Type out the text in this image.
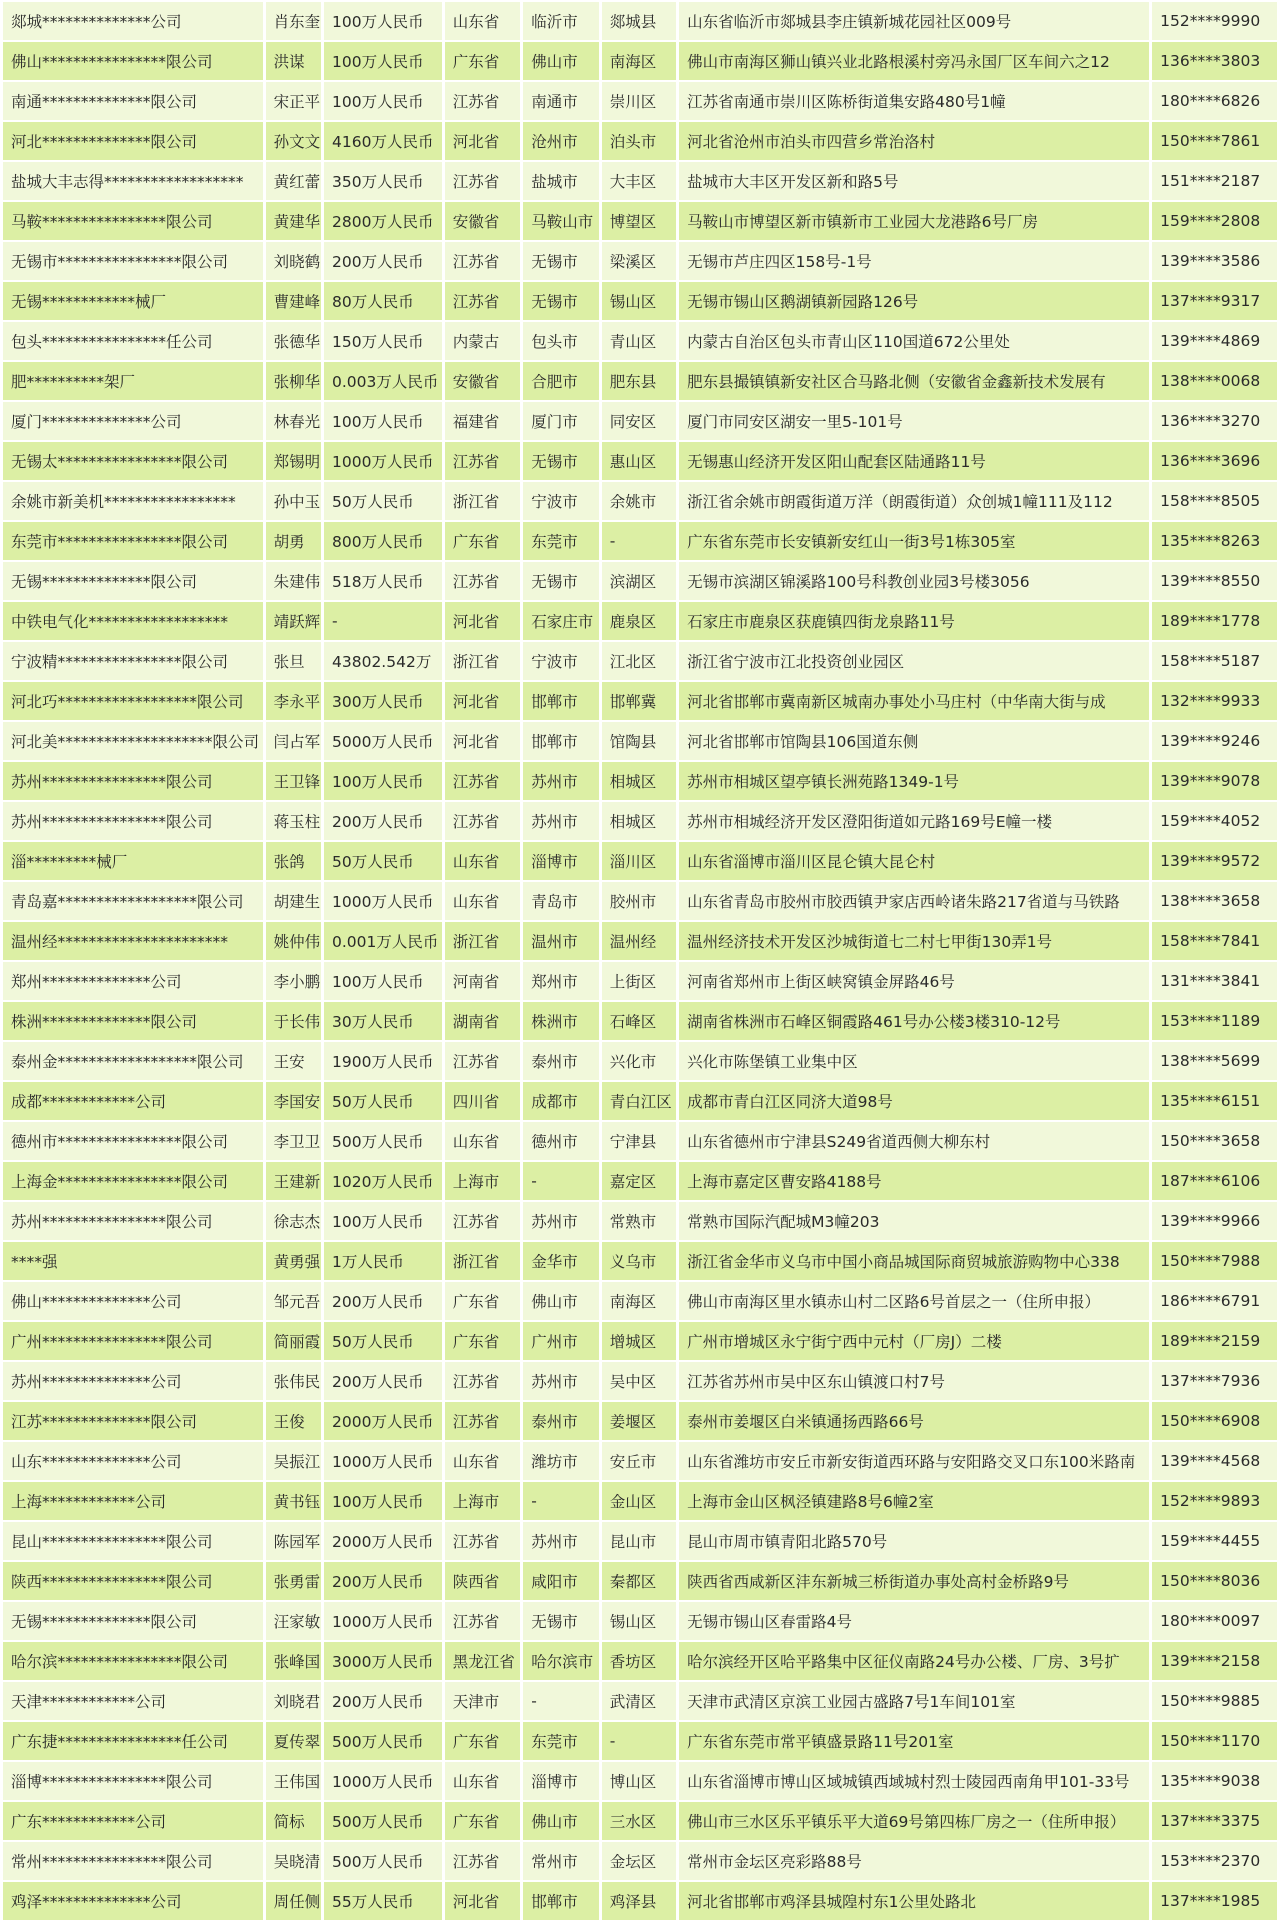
郯城**************公司	肖东奎	100万人民币	山东省	临沂市	郯城县	山东省临沂市郯城县李庄镇新城花园社区009号	152****9990
佛山****************限公司	洪谋	100万人民币	广东省	佛山市	南海区	佛山市南海区狮山镇兴业北路根溪村旁冯永国厂区车间六之12	136****3803
南通**************限公司	宋正平	100万人民币	江苏省	南通市	崇川区	江苏省南通市崇川区陈桥街道集安路480号1幢	180****6826
河北**************限公司	孙文文	4160万人民币	河北省	沧州市	泊头市	河北省沧州市泊头市四营乡常治洛村	150****7861
盐城大丰志得******************	黄红蕾	350万人民币	江苏省	盐城市	大丰区	盐城市大丰区开发区新和路5号	151****2187
马鞍****************限公司	黄建华	2800万人民币	安徽省	马鞍山市	博望区	马鞍山市博望区新市镇新市工业园大龙港路6号厂房	159****2808
无锡市****************限公司	刘晓鹤	200万人民币	江苏省	无锡市	梁溪区	无锡市芦庄四区158号-1号	139****3586
无锡************械厂	曹建峰	80万人民币	江苏省	无锡市	锡山区	无锡市锡山区鹅湖镇新园路126号	137****9317
包头****************任公司	张德华	150万人民币	内蒙古	包头市	青山区	内蒙古自治区包头市青山区110国道672公里处	139****4869
肥**********架厂	张柳华	0.003万人民币	安徽省	合肥市	肥东县	肥东县撮镇镇新安社区合马路北侧（安徽省金鑫新技术发展有	138****0068
厦门**************公司	林春光	100万人民币	福建省	厦门市	同安区	厦门市同安区湖安一里5-101号	136****3270
无锡太****************限公司	郑锡明	1000万人民币	江苏省	无锡市	惠山区	无锡惠山经济开发区阳山配套区陆通路11号	136****3696
余姚市新美机*****************	孙中玉	50万人民币	浙江省	宁波市	余姚市	浙江省余姚市朗霞街道万洋（朗霞街道）众创城1幢111及112	158****8505
东莞市****************限公司	胡勇	800万人民币	广东省	东莞市	-	广东省东莞市长安镇新安红山一街3号1栋305室	135****8263
无锡**************限公司	朱建伟	518万人民币	江苏省	无锡市	滨湖区	无锡市滨湖区锦溪路100号科教创业园3号楼3056	139****8550
中铁电气化******************	靖跃辉	-	河北省	石家庄市	鹿泉区	石家庄市鹿泉区获鹿镇四街龙泉路11号	189****1778
宁波精****************限公司	张旦	43802.542万	浙江省	宁波市	江北区	浙江省宁波市江北投资创业园区	158****5187
河北巧******************限公司	李永平	300万人民币	河北省	邯郸市	邯郸冀	河北省邯郸市冀南新区城南办事处小马庄村（中华南大街与成	132****9933
河北美********************限公司	闫占军	5000万人民币	河北省	邯郸市	馆陶县	河北省邯郸市馆陶县106国道东侧	139****9246
苏州****************限公司	王卫锋	100万人民币	江苏省	苏州市	相城区	苏州市相城区望亭镇长洲苑路1349-1号	139****9078
苏州****************限公司	蒋玉柱	200万人民币	江苏省	苏州市	相城区	苏州市相城经济开发区澄阳街道如元路169号E幢一楼	159****4052
淄*********械厂	张鸽	50万人民币	山东省	淄博市	淄川区	山东省淄博市淄川区昆仑镇大昆仑村	139****9572
青岛嘉******************限公司	胡建生	1000万人民币	山东省	青岛市	胶州市	山东省青岛市胶州市胶西镇尹家店西岭诸朱路217省道与马铁路	138****3658
温州经**********************	姚仲伟	0.001万人民币	浙江省	温州市	温州经	温州经济技术开发区沙城街道七二村七甲街130弄1号	158****7841
郑州**************公司	李小鹏	100万人民币	河南省	郑州市	上街区	河南省郑州市上街区峡窝镇金屏路46号	131****3841
株洲**************限公司	于长伟	30万人民币	湖南省	株洲市	石峰区	湖南省株洲市石峰区铜霞路461号办公楼3楼310-12号	153****1189
泰州金******************限公司	王安	1900万人民币	江苏省	泰州市	兴化市	兴化市陈堡镇工业集中区	138****5699
成都************公司	李国安	50万人民币	四川省	成都市	青白江区	成都市青白江区同济大道98号	135****6151
德州市****************限公司	李卫卫	500万人民币	山东省	德州市	宁津县	山东省德州市宁津县S249省道西侧大柳东村	150****3658
上海金****************限公司	王建新	1020万人民币	上海市	-	嘉定区	上海市嘉定区曹安路4188号	187****6106
苏州****************限公司	徐志杰	100万人民币	江苏省	苏州市	常熟市	常熟市国际汽配城M3幢203	139****9966
****强	黄勇强	1万人民币	浙江省	金华市	义乌市	浙江省金华市义乌市中国小商品城国际商贸城旅游购物中心338	150****7988
佛山**************公司	邹元吾	200万人民币	广东省	佛山市	南海区	佛山市南海区里水镇赤山村二区路6号首层之一（住所申报）	186****6791
广州****************限公司	简丽霞	50万人民币	广东省	广州市	增城区	广州市增城区永宁街宁西中元村（厂房J）二楼	189****2159
苏州**************公司	张伟民	200万人民币	江苏省	苏州市	吴中区	江苏省苏州市吴中区东山镇渡口村7号	137****7936
江苏**************限公司	王俊	2000万人民币	江苏省	泰州市	姜堰区	泰州市姜堰区白米镇通扬西路66号	150****6908
山东**************公司	吴振江	1000万人民币	山东省	潍坊市	安丘市	山东省潍坊市安丘市新安街道西环路与安阳路交叉口东100米路南	139****4568
上海************公司	黄书钰	100万人民币	上海市	-	金山区	上海市金山区枫泾镇建路8号6幢2室	152****9893
昆山****************限公司	陈园军	2000万人民币	江苏省	苏州市	昆山市	昆山市周市镇青阳北路570号	159****4455
陕西****************限公司	张勇雷	200万人民币	陕西省	咸阳市	秦都区	陕西省西咸新区沣东新城三桥街道办事处高村金桥路9号	150****8036
无锡**************限公司	汪家敏	1000万人民币	江苏省	无锡市	锡山区	无锡市锡山区春雷路4号	180****0097
哈尔滨****************限公司	张峰国	3000万人民币	黑龙江省	哈尔滨市	香坊区	哈尔滨经开区哈平路集中区征仪南路24号办公楼、厂房、3号扩	139****2158
天津************公司	刘晓君	200万人民币	天津市	-	武清区	天津市武清区京滨工业园古盛路7号1车间101室	150****9885
广东捷****************任公司	夏传翠	500万人民币	广东省	东莞市	-	广东省东莞市常平镇盛景路11号201室	150****1170
淄博****************限公司	王伟国	1000万人民币	山东省	淄博市	博山区	山东省淄博市博山区域城镇西域城村烈士陵园西南角甲101-33号	135****9038
广东************公司	简标	500万人民币	广东省	佛山市	三水区	佛山市三水区乐平镇乐平大道69号第四栋厂房之一（住所申报）	137****3375
常州****************限公司	吴晓清	500万人民币	江苏省	常州市	金坛区	常州市金坛区亮彩路88号	153****2370
鸡泽**************公司	周任侧	55万人民币	河北省	邯郸市	鸡泽县	河北省邯郸市鸡泽县城隍村东1公里处路北	137****1985
